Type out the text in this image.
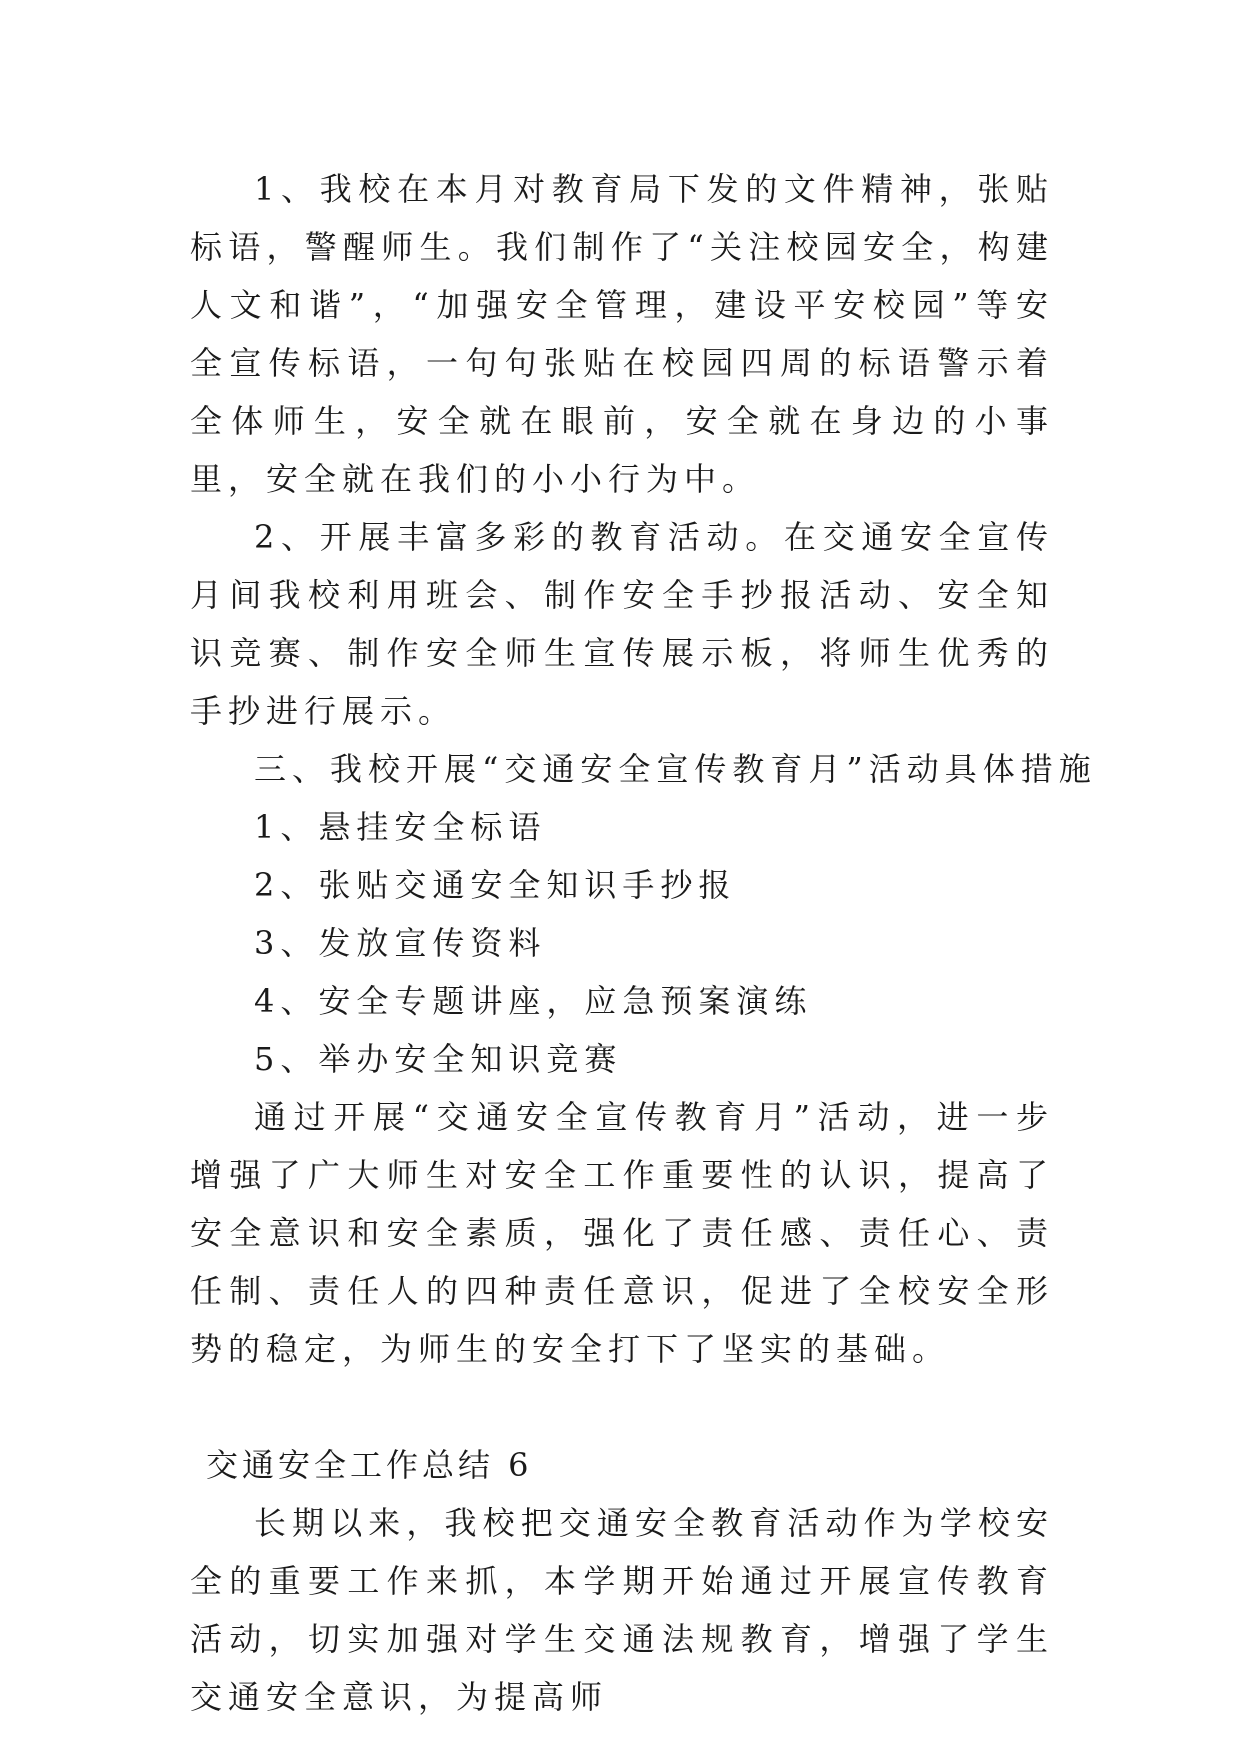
1、我校在本月对教育局下发的文件精神，张贴标语，警醒师生。我们制作了“关注校园安全，构建人文和谐”，“加强安全管理，建设平安校园”等安全宣传标语，一句句张贴在校园四周的标语警示着全体师生，安全就在眼前，安全就在身边的小事里，安全就在我们的小小行为中。

2、开展丰富多彩的教育活动。在交通安全宣传月间我校利用班会、制作安全手抄报活动、安全知识竞赛、制作安全师生宣传展示板，将师生优秀的手抄进行展示。

三、我校开展“交通安全宣传教育月”活动具体措施

1、悬挂安全标语

2、张贴交通安全知识手抄报

3、发放宣传资料

4、安全专题讲座，应急预案演练

5、举办安全知识竞赛

通过开展“交通安全宣传教育月”活动，进一步增强了广大师生对安全工作重要性的认识，提高了安全意识和安全素质，强化了责任感、责任心、责任制、责任人的四种责任意识，促进了全校安全形势的稳定，为师生的安全打下了坚实的基础。

交通安全工作总结 6

长期以来，我校把交通安全教育活动作为学校安全的重要工作来抓，本学期开始通过开展宣传教育活动，切实加强对学生交通法规教育，增强了学生交通安全意识，为提高师
